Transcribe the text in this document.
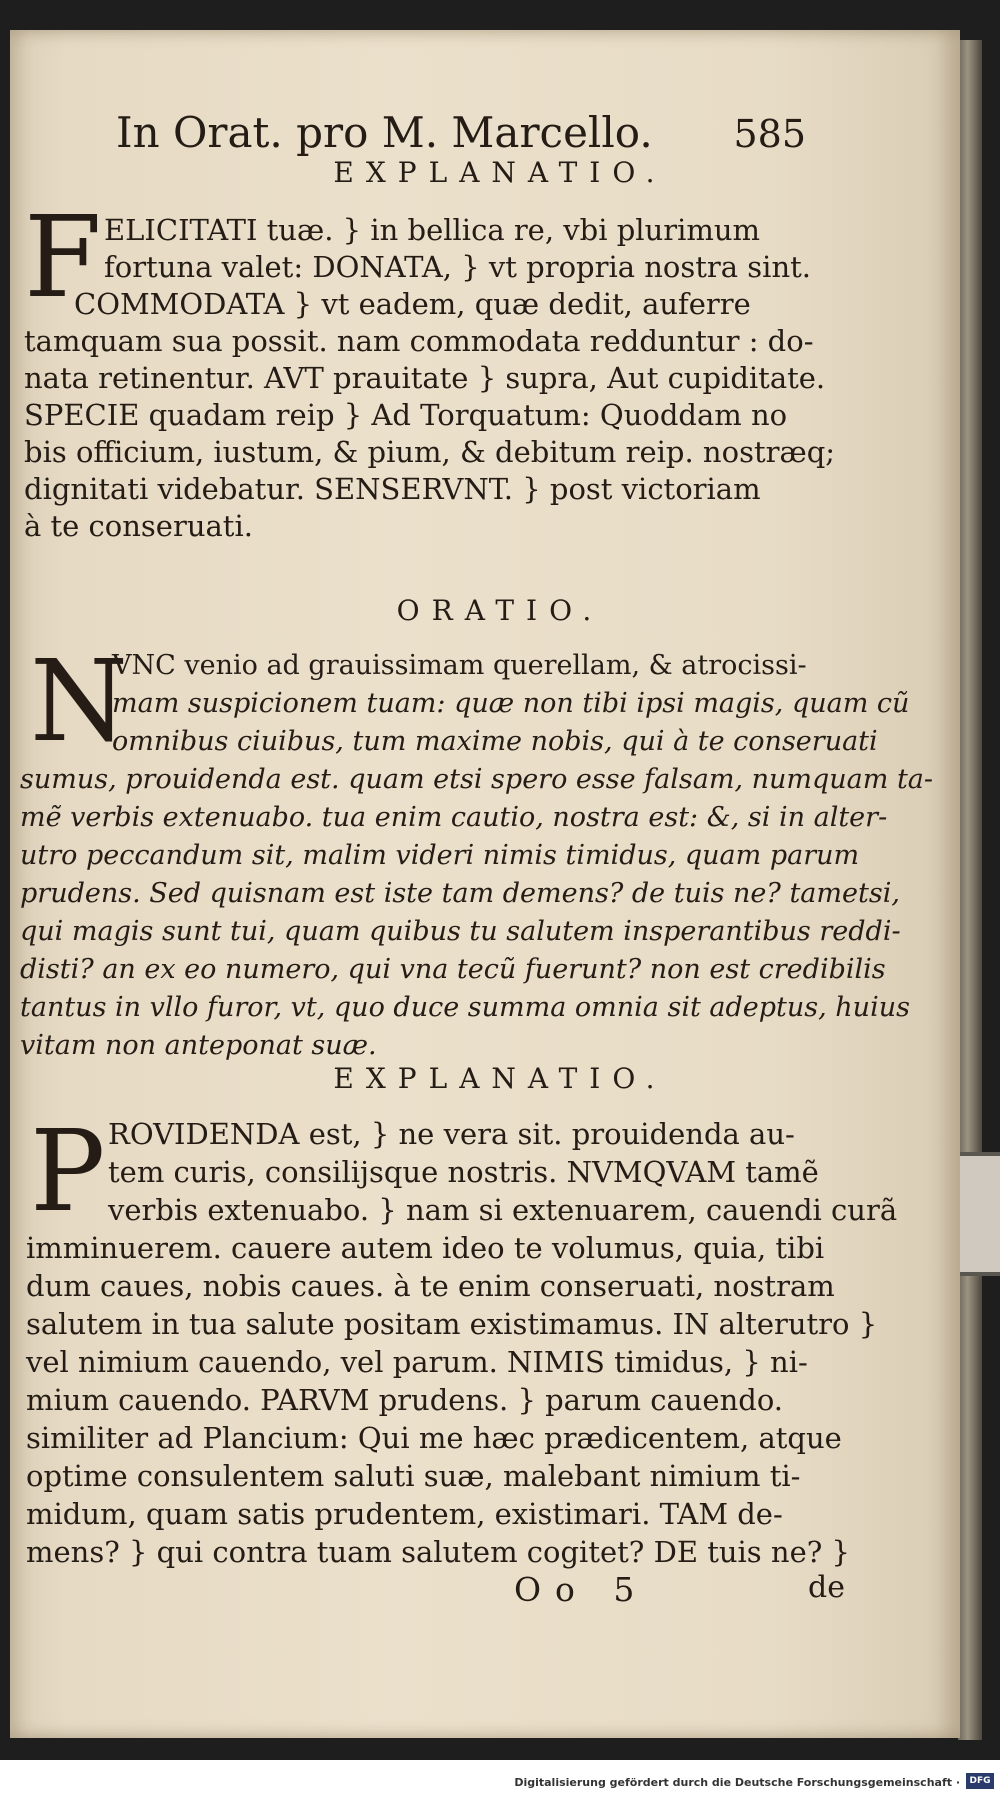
In Orat. pro M. Marcello. 585
EXPLANATIO.
F ELICITATI tuæ. } in bellica re, vbi plurimum
fortuna valet: DONATA, } vt propria nostra sint.
COMMODATA } vt eadem, quæ dedit, auferre
tamquam sua possit. nam commodata redduntur : do-
nata retinentur. AVT prauitate } supra, Aut cupiditate.
SPECIE quadam reip } Ad Torquatum: Quoddam no
bis officium, iustum, & pium, & debitum reip. nostræq;
dignitati videbatur. SENSERVNT. } post victoriam
à te conseruati.
ORATIO.
N
VNC venio ad grauissimam querellam, & atrocissi-
mam suspicionem tuam: quæ non tibi ipsi magis, quam cũ
omnibus ciuibus, tum maxime nobis, qui à te conseruati
sumus, prouidenda est. quam etsi spero esse falsam, numquam ta-
mẽ verbis extenuabo. tua enim cautio, nostra est: &, si in alter-
utro peccandum sit, malim videri nimis timidus, quam parum
prudens. Sed quisnam est iste tam demens? de tuis ne? tametsi,
qui magis sunt tui, quam quibus tu salutem insperantibus reddi-
disti? an ex eo numero, qui vna tecũ fuerunt? non est credibilis
tantus in vllo furor, vt, quo duce summa omnia sit adeptus, huius
vitam non anteponat suæ.
EXPLANATIO.
P ROVIDENDA est, } ne vera sit. prouidenda au-
tem curis, consilijsque nostris. NVMQVAM tamẽ
verbis extenuabo. } nam si extenuarem, cauendi curã
imminuerem. cauere autem ideo te volumus, quia, tibi
dum caues, nobis caues. à te enim conseruati, nostram
salutem in tua salute positam existimamus. IN alterutro }
vel nimium cauendo, vel parum. NIMIS timidus, } ni-
mium cauendo. PARVM prudens. } parum cauendo.
similiter ad Plancium: Qui me hæc prædicentem, atque
optime consulentem saluti suæ, malebant nimium ti-
midum, quam satis prudentem, existimari. TAM de-
mens? } qui contra tuam salutem cogitet? DE tuis ne? }
Oo 5	de
Digitalisierung gefördert durch die Deutsche Forschungsgemeinschaft ·	DFG
